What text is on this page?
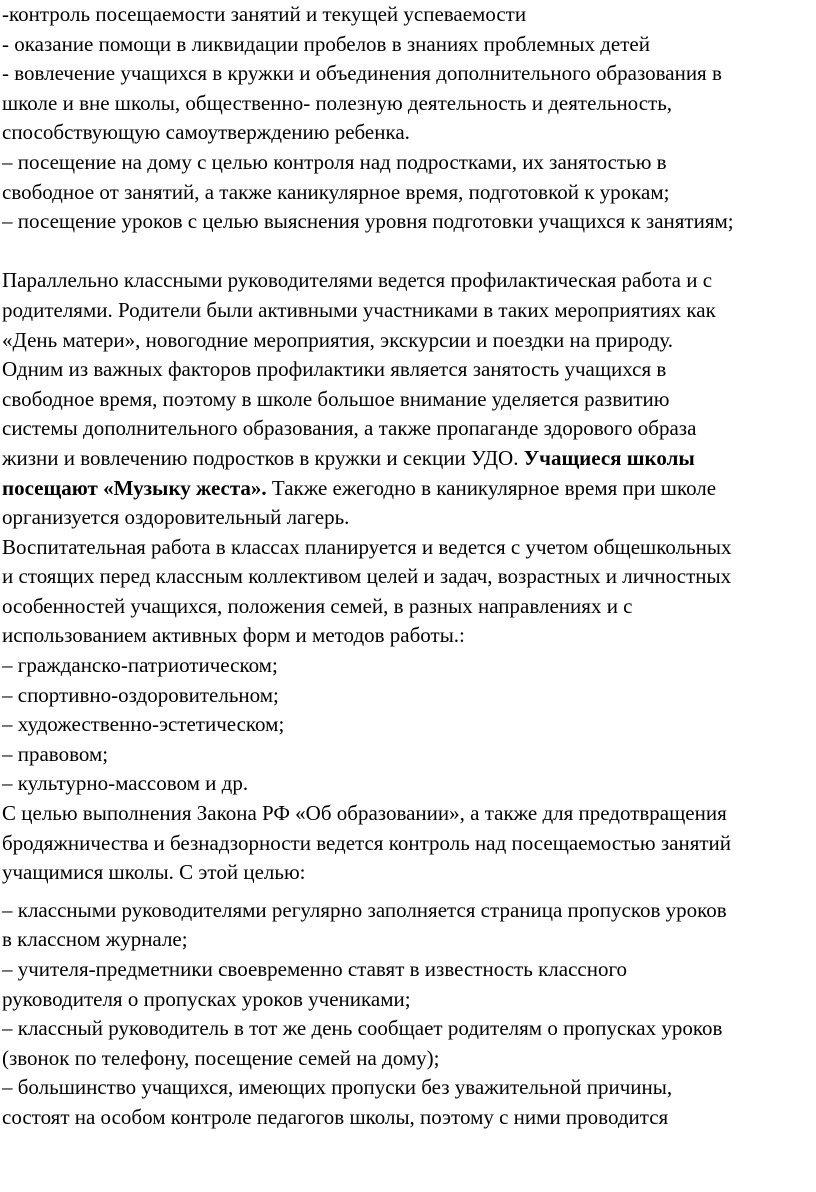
-контроль посещаемости занятий и текущей успеваемости
- оказание помощи в ликвидации пробелов в знаниях проблемных детей
- вовлечение учащихся в кружки и объединения дополнительного образования в
школе и вне школы, общественно- полезную деятельность и деятельность,
способствующую самоутверждению ребенка.
– посещение на дому с целью контроля над подростками, их занятостью в
свободное от занятий, а также каникулярное время, подготовкой к урокам;
– посещение уроков с целью выяснения уровня подготовки учащихся к занятиям;
Параллельно классными руководителями ведется профилактическая работа и с
родителями. Родители были активными участниками в таких мероприятиях как
«День матери», новогодние мероприятия, экскурсии и поездки на природу.
Одним из важных факторов профилактики является занятость учащихся в
свободное время, поэтому в школе большое внимание уделяется развитию
системы дополнительного образования, а также пропаганде здорового образа
жизни и вовлечению подростков в кружки и секции УДО. Учащиеся школы
посещают «Музыку жеста». Также ежегодно в каникулярное время при школе
организуется оздоровительный лагерь.
Воспитательная работа в классах планируется и ведется с учетом общешкольных
и стоящих перед классным коллективом целей и задач, возрастных и личностных
особенностей учащихся, положения семей, в разных направлениях и с
использованием активных форм и методов работы.:
– гражданско-патриотическом;
– спортивно-оздоровительном;
– художественно-эстетическом;
– правовом;
– культурно-массовом и др.
С целью выполнения Закона РФ «Об образовании», а также для предотвращения
бродяжничества и безнадзорности ведется контроль над посещаемостью занятий
учащимися школы. С этой целью:
– классными руководителями регулярно заполняется страница пропусков уроков
в классном журнале;
– учителя-предметники своевременно ставят в известность классного
руководителя о пропусках уроков учениками;
– классный руководитель в тот же день сообщает родителям о пропусках уроков
(звонок по телефону, посещение семей на дому);
– большинство учащихся, имеющих пропуски без уважительной причины,
состоят на особом контроле педагогов школы, поэтому с ними проводится
